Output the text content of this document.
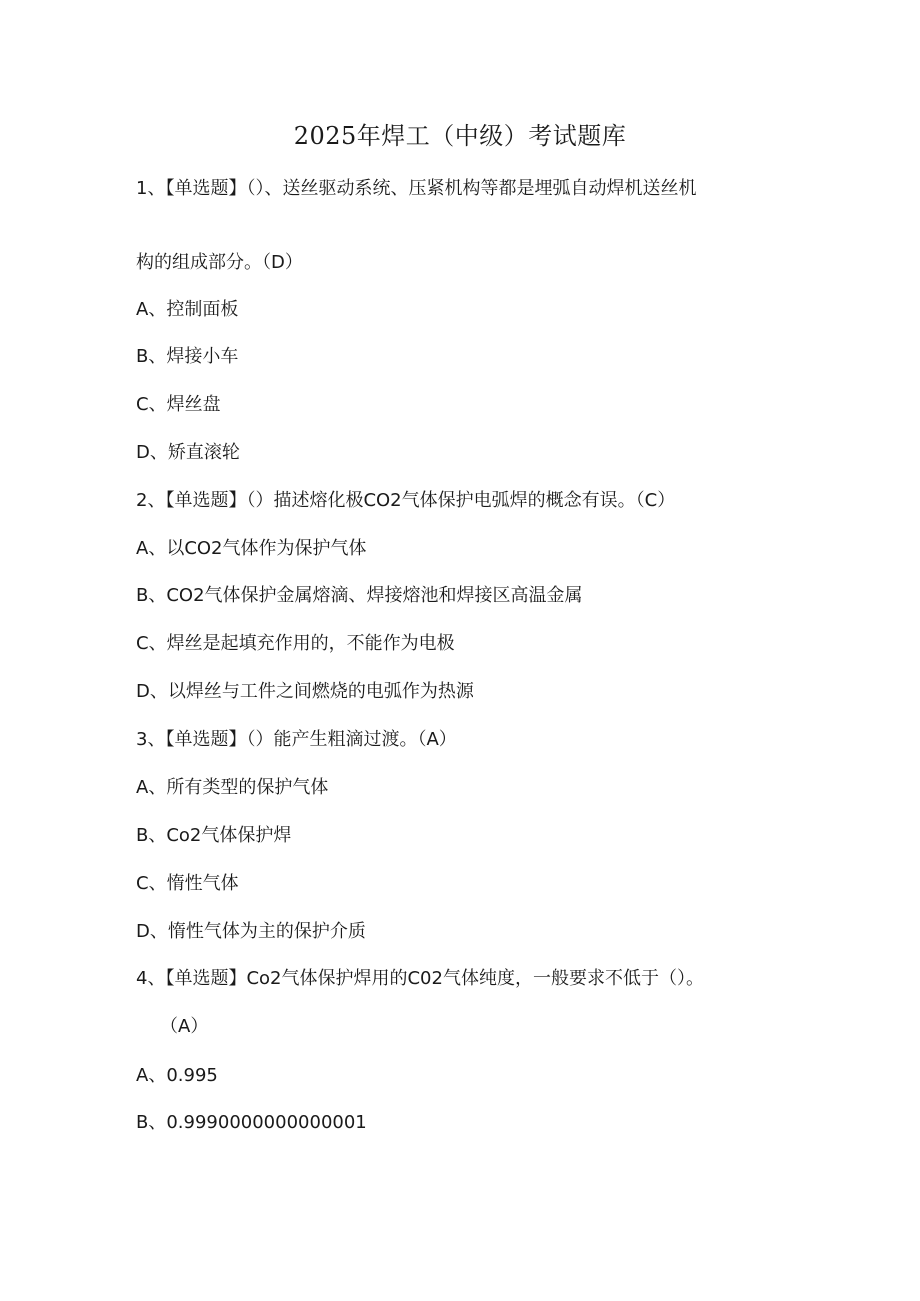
2025年焊工（中级）考试题库
1、【单选题】（）、送丝驱动系统、压紧机构等都是埋弧自动焊机送丝机
构的组成部分。（D）
A、控制面板
B、焊接小车
C、焊丝盘
D、矫直滚轮
2、【单选题】（）描述熔化极CO2气体保护电弧焊的概念有误。（C）
A、以CO2气体作为保护气体
B、CO2气体保护金属熔滴、焊接熔池和焊接区高温金属
C、焊丝是起填充作用的，不能作为电极
D、以焊丝与工件之间燃烧的电弧作为热源
3、【单选题】（）能产生粗滴过渡。（A）
A、所有类型的保护气体
B、Co2气体保护焊
C、惰性气体
D、惰性气体为主的保护介质
4、【单选题】Co2气体保护焊用的C02气体纯度，一般要求不低于（）。
（A）
A、0.995
B、0.9990000000000001
